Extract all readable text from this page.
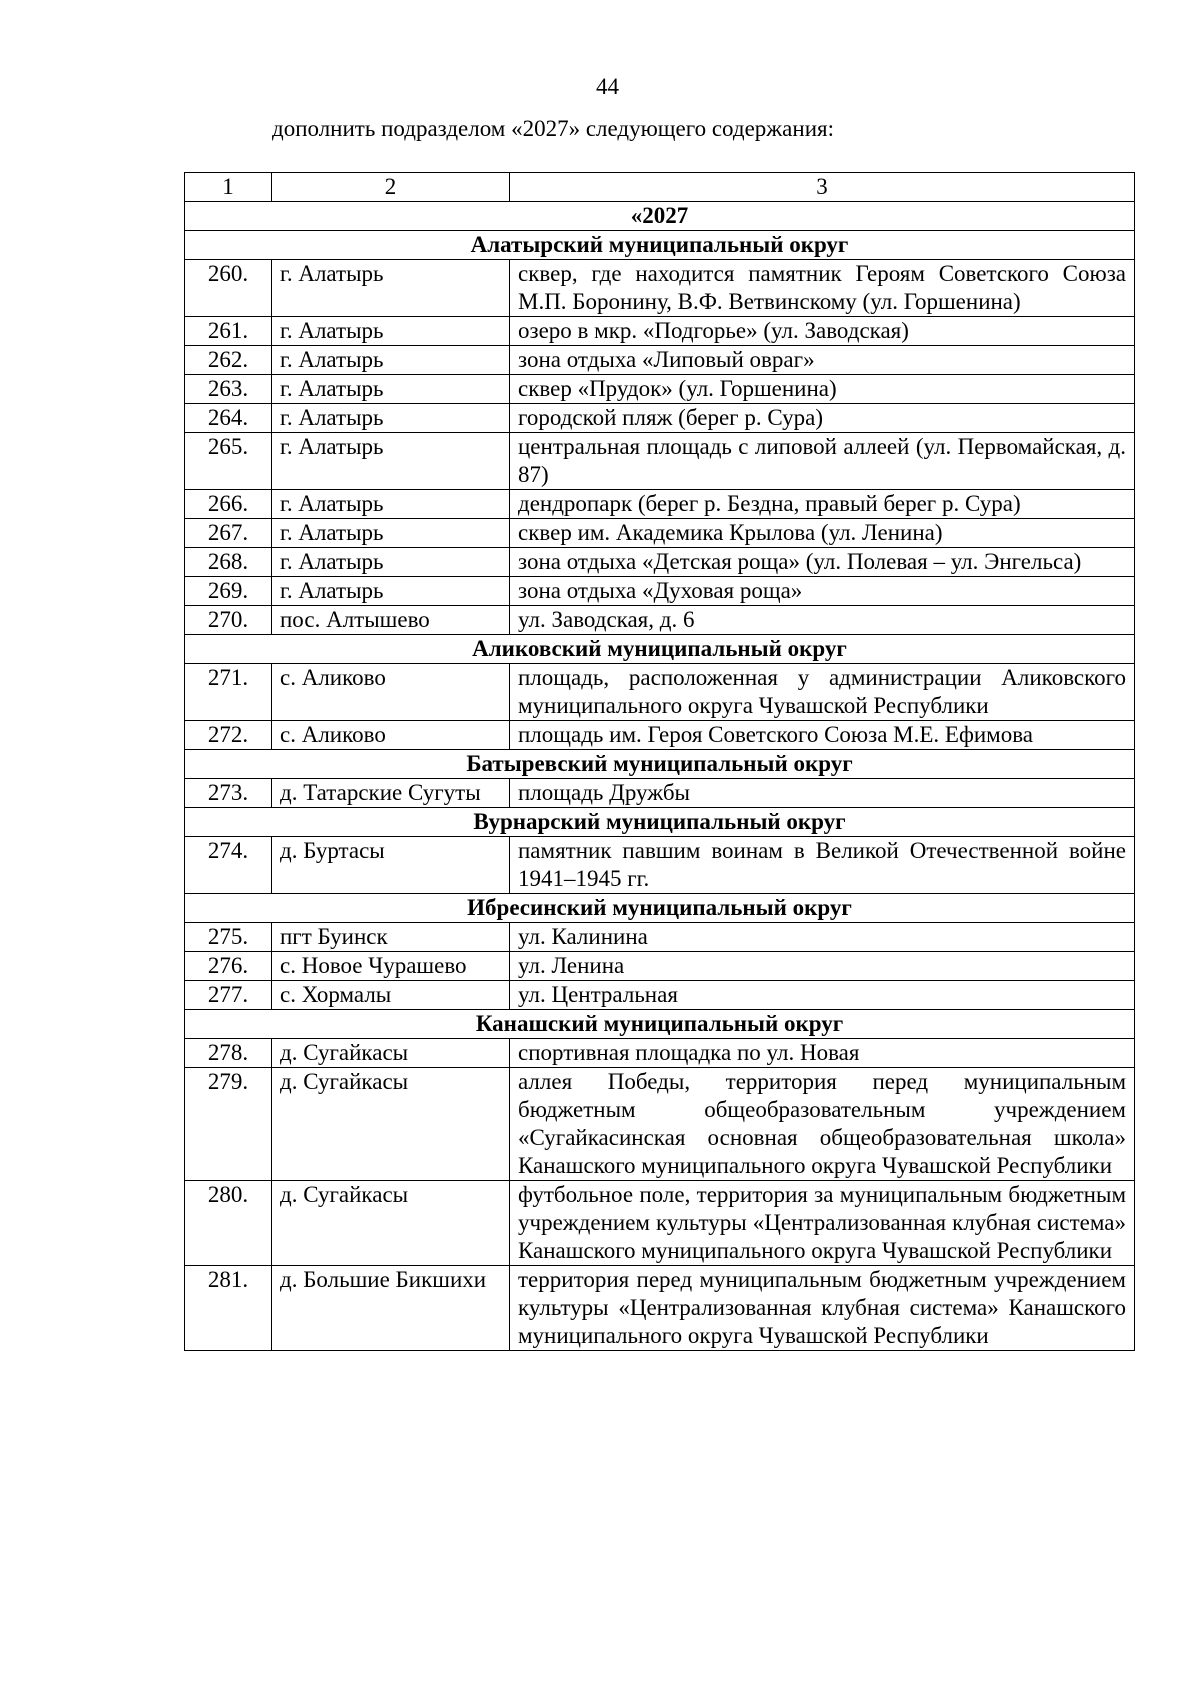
44
дополнить подразделом «2027» следующего содержания:
1	2	3
«2027		
Алатырский муниципальный округ		
260.	г. Алатырь	сквер, где находится памятник Героям Советского Союза М.П. Боронину, В.Ф. Ветвинскому (ул. Горшенина)
261.	г. Алатырь	озеро в мкр. «Подгорье» (ул. Заводская)
262.	г. Алатырь	зона отдыха «Липовый овраг»
263.	г. Алатырь	сквер «Прудок» (ул. Горшенина)
264.	г. Алатырь	городской пляж (берег р. Сура)
265.	г. Алатырь	центральная площадь с липовой аллеей (ул. Первомайская, д. 87)
266.	г. Алатырь	дендропарк (берег р. Бездна, правый берег р. Сура)
267.	г. Алатырь	сквер им. Академика Крылова (ул. Ленина)
268.	г. Алатырь	зона отдыха «Детская роща» (ул. Полевая – ул. Энгельса)
269.	г. Алатырь	зона отдыха «Духовая роща»
270.	пос. Алтышево	ул. Заводская, д. 6
Аликовский муниципальный округ		
271.	с. Аликово	площадь, расположенная у администрации Аликовского муниципального округа Чувашской Республики
272.	с. Аликово	площадь им. Героя Советского Союза М.Е. Ефимова
Батыревский муниципальный округ		
273.	д. Татарские Сугуты	площадь Дружбы
Вурнарский муниципальный округ		
274.	д. Буртасы	памятник павшим воинам в Великой Отечественной войне 1941–1945 гг.
Ибресинский муниципальный округ		
275.	пгт Буинск	ул. Калинина
276.	с. Новое Чурашево	ул. Ленина
277.	с. Хормалы	ул. Центральная
Канашский муниципальный округ		
278.	д. Сугайкасы	спортивная площадка по ул. Новая
279.	д. Сугайкасы	аллея Победы, территория перед муниципальным бюджетным общеобразовательным учреждением «Сугайкасинская основная общеобразовательная школа» Канашского муниципального округа Чувашской Республики
280.	д. Сугайкасы	футбольное поле, территория за муниципальным бюджетным учреждением культуры «Централизованная клубная система» Канашского муниципального округа Чувашской Республики
281.	д. Большие Бикшихи	территория перед муниципальным бюджетным учреждением культуры «Централизованная клубная система» Канашского муниципального округа Чувашской Республики
